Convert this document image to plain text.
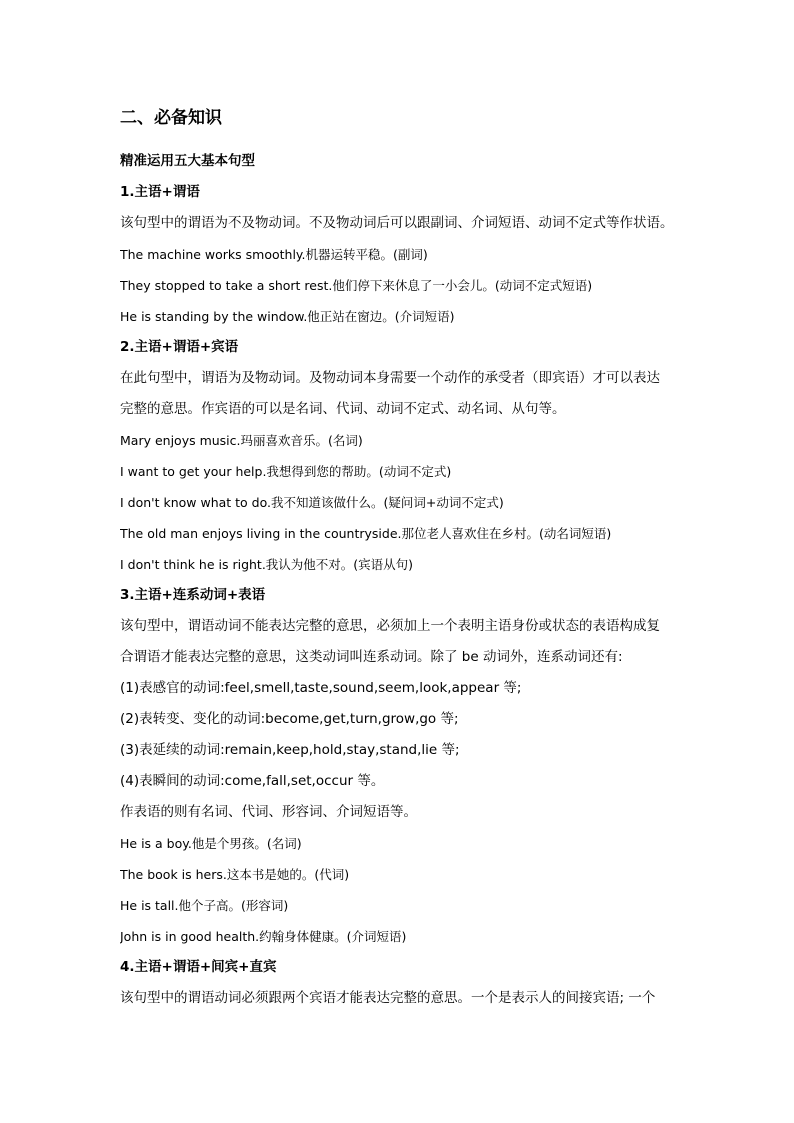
二、必备知识
精准运用五大基本句型
1.主语+谓语
该句型中的谓语为不及物动词。不及物动词后可以跟副词、介词短语、动词不定式等作状语。
The machine works smoothly.机器运转平稳。(副词)
They stopped to take a short rest.他们停下来休息了一小会儿。(动词不定式短语)
He is standing by the window.他正站在窗边。(介词短语)
2.主语+谓语+宾语
在此句型中，谓语为及物动词。及物动词本身需要一个动作的承受者（即宾语）才可以表达
完整的意思。作宾语的可以是名词、代词、动词不定式、动名词、从句等。
Mary enjoys music.玛丽喜欢音乐。(名词)
I want to get your help.我想得到您的帮助。(动词不定式)
I don't know what to do.我不知道该做什么。(疑问词+动词不定式)
The old man enjoys living in the countryside.那位老人喜欢住在乡村。(动名词短语)
I don't think he is right.我认为他不对。(宾语从句)
3.主语+连系动词+表语
该句型中，谓语动词不能表达完整的意思，必须加上一个表明主语身份或状态的表语构成复
合谓语才能表达完整的意思，这类动词叫连系动词。除了 be 动词外，连系动词还有:
(1)表感官的动词:feel,smell,taste,sound,seem,look,appear 等;
(2)表转变、变化的动词:become,get,turn,grow,go 等;
(3)表延续的动词:remain,keep,hold,stay,stand,lie 等;
(4)表瞬间的动词:come,fall,set,occur 等。
作表语的则有名词、代词、形容词、介词短语等。
He is a boy.他是个男孩。(名词)
The book is hers.这本书是她的。(代词)
He is tall.他个子高。(形容词)
John is in good health.约翰身体健康。(介词短语)
4.主语+谓语+间宾+直宾
该句型中的谓语动词必须跟两个宾语才能表达完整的意思。一个是表示人的间接宾语; 一个
